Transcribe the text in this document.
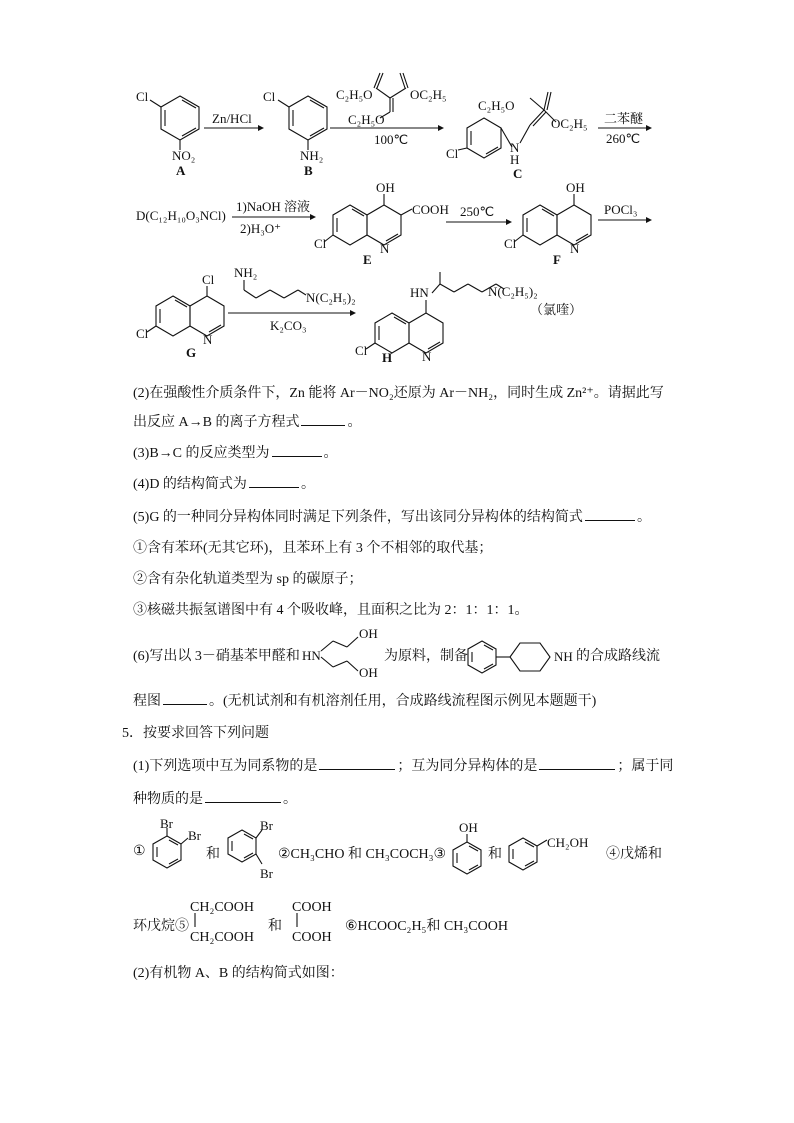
Cl
NO₂
A
Zn/HCl
Cl
NH₂
B
C₂H₅O	OC₂H₅
C₂H₅O
100℃
C₂H₅O
OC₂H₅
Cl	N
H
C
二苯醚
260℃
D(C₁₂H₁₀O₃NCl)
1)NaOH 溶液
2)H₃O⁺
OH
COOH
Cl	N
E
250℃
OH
Cl	N
F
POCl₃
Cl
Cl	N
G
NH₂
N(C₂H₅)₂
K₂CO₃
HN	N(C₂H₅)₂
Cl	N
H
（氯喹）
(2)在强酸性介质条件下，Zn 能将 Ar－NO₂还原为 Ar－NH₂，同时生成 Zn²⁺。请据此写
出反应 A→B 的离子方程式	。
(3)B→C 的反应类型为	。
(4)D 的结构简式为	。
(5)G 的一种同分异构体同时满足下列条件，写出该同分异构体的结构简式	。
①含有苯环(无其它环)，且苯环上有 3 个不相邻的取代基；
②含有杂化轨道类型为 sp 的碳原子；
③核磁共振氢谱图中有 4 个吸收峰，且面积之比为 2：1：1：1。
(6)写出以 3－硝基苯甲醛和 HN
OH
OH
NH
为原料，制备	的合成路线流
程图	。(无机试剂和有机溶剂任用，合成路线流程图示例见本题题干)
5．按要求回答下列问题
(1)下列选项中互为同系物的是	；互为同分异构体的是	；属于同
种物质的是	。
①
Br
Br
Br
Br
OH
CH₂OH
和	②CH₃CHO 和 CH₃COCH₃③	和	④戊烯和
环戊烷⑤
CH₂COOH
CH₂COOH
和
COOH
COOH
⑥HCOOC₂H₅和 CH₃COOH
(2)有机物 A、B 的结构简式如图：
